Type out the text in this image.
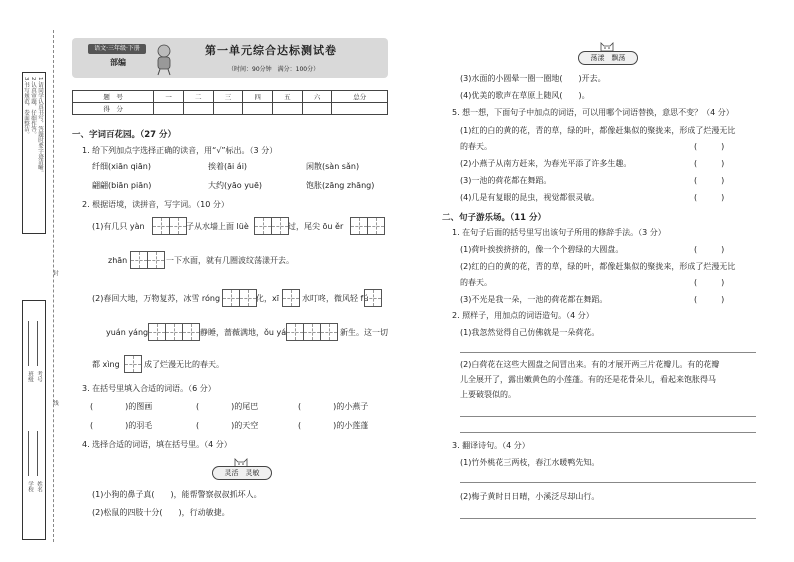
1.请同学认真书写，答题时要字迹清晰。
2.认真审题，仔细作答。
3.书写规范，卷面整洁。
班级 考号
学校 姓名
封
线
语文·三年级·下册
部编
第一单元综合达标测试卷
（时间：90分钟　满分：100分）
题　号	一	二	三	四	五	六	总分
得　分							
一、字词百花园。（27 分）
1. 给下列加点字选择正确的读音，用“√”标出。（3 分）
纤细(xiān qiān)	挨着(āi ái)	闲散(sàn sǎn)
翩翩(biān piān)	大约(yāo yuē)	饱胀(zāng zhāng)
2. 根据语境，读拼音，写字词。（10 分）
(1)有几只 yàn	子从水墙上面 lüè	过，尾尖 ōu ěr
zhān	一下水面，就有几圈波纹荡漾开去。
(2)春回大地，万物复苏，冰雪 róng	化，xī	水叮咚，微风轻 fú
yuán yáng	静睡，蔷薇满地，ǒu yá	新生。这一切
都 xìng	成了烂漫无比的春天。
3. 在括号里填入合适的词语。（6 分）
(　　　　)的图画	(　　　　)的尾巴	(　　　　)的小燕子
(　　　　)的羽毛	(　　　　)的天空	(　　　　)的小莲蓬
4. 选择合适的词语，填在括号里。（4 分）
灵活　灵敏
(1)小狗的鼻子真(　　)，能帮警察叔叔抓坏人。
(2)松鼠的四肢十分(　　)，行动敏捷。
荡漾　飘荡
(3)水面的小圆晕一圈一圈地(　　)开去。
(4)优美的歌声在草原上随风(　　)。
5. 想一想，下面句子中加点的词语，可以用哪个词语替换，意思不变？（4 分）
(1)红的白的黄的花，青的草，绿的叶，都像赶集似的聚拢来，形成了烂漫无比
的春天。	(　　　)
(2)小燕子从南方赶来，为春光平添了许多生趣。	(　　　)
(3)一池的荷花都在舞蹈。	(　　　)
(4)几是有复眼的昆虫，视觉都很灵敏。	(　　　)
二、句子游乐场。（11 分）
1. 在句子后面的括号里写出该句子所用的修辞手法。（3 分）
(1)荷叶挨挨挤挤的，像一个个碧绿的大圆盘。	(　　　)
(2)红的白的黄的花，青的草，绿的叶，都像赶集似的聚拢来，形成了烂漫无比
的春天。	(　　　)
(3)不光是我一朵，一池的荷花都在舞蹈。	(　　　)
2. 照样子，用加点的词语造句。（4 分）
(1)我忽然觉得自己仿佛就是一朵荷花。
(2)白荷花在这些大圆盘之间冒出来。有的才展开两三片花瓣儿。有的花瓣
儿全展开了，露出嫩黄色的小莲蓬。有的还是花骨朵儿，看起来饱胀得马
上要破裂似的。
3. 翻译诗句。（4 分）
(1)竹外桃花三两枝，春江水暖鸭先知。
(2)梅子黄时日日晴，小溪泛尽却山行。
